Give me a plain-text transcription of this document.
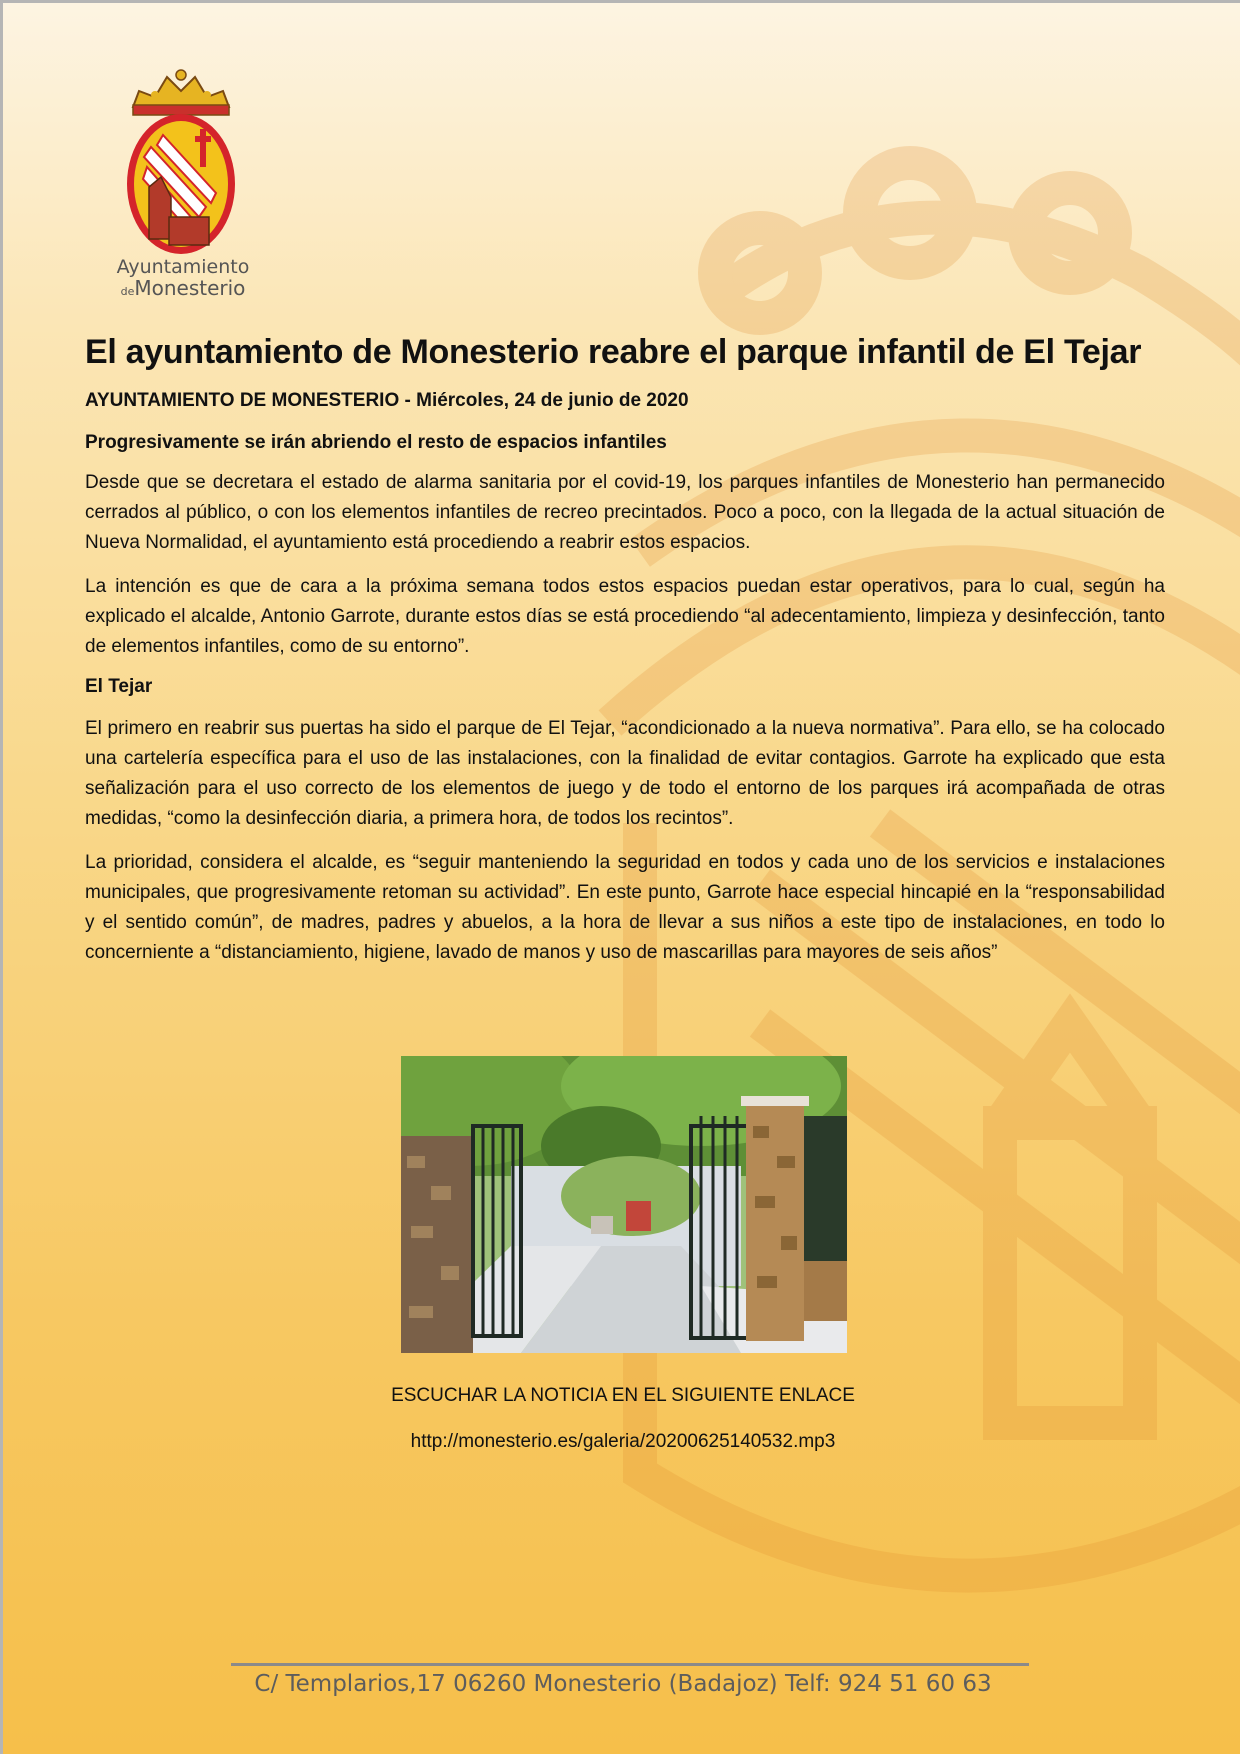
Ayuntamiento
deMonesterio
El ayuntamiento de Monesterio reabre el parque infantil de El Tejar

AYUNTAMIENTO DE MONESTERIO - Miércoles, 24 de junio de 2020

Progresivamente se irán abriendo el resto de espacios infantiles

Desde que se decretara el estado de alarma sanitaria por el covid-19, los parques infantiles de Monesterio han permanecido cerrados al público, o con los elementos infantiles de recreo precintados. Poco a poco, con la llegada de la actual situación de Nueva Normalidad, el ayuntamiento está procediendo a reabrir estos espacios.

La intención es que de cara a la próxima semana todos estos espacios puedan estar operativos, para lo cual, según ha explicado el alcalde, Antonio Garrote, durante estos días se está procediendo “al adecentamiento, limpieza y desinfección, tanto de elementos infantiles, como de su entorno”.

El Tejar

El primero en reabrir sus puertas ha sido el parque de El Tejar, “acondicionado a la nueva normativa”. Para ello, se ha colocado una cartelería específica para el uso de las instalaciones, con la finalidad de evitar contagios. Garrote ha explicado que esta señalización para el uso correcto de los elementos de juego y de todo el entorno de los parques irá acompañada de otras medidas, “como la desinfección diaria, a primera hora, de todos los recintos”.

La prioridad, considera el alcalde, es “seguir manteniendo la seguridad en todos y cada uno de los servicios e instalaciones municipales, que progresivamente retoman su actividad”. En este punto, Garrote hace especial hincapié en la “responsabilidad y el sentido común”, de madres, padres y abuelos, a la hora de llevar a sus niños a este tipo de instalaciones, en todo lo concerniente a “distanciamiento, higiene, lavado de manos y uso de mascarillas para mayores de seis años”

ESCUCHAR LA NOTICIA EN EL SIGUIENTE ENLACE
http://monesterio.es/galeria/20200625140532.mp3
C/ Templarios,17 06260 Monesterio (Badajoz) Telf: 924 51 60 63
